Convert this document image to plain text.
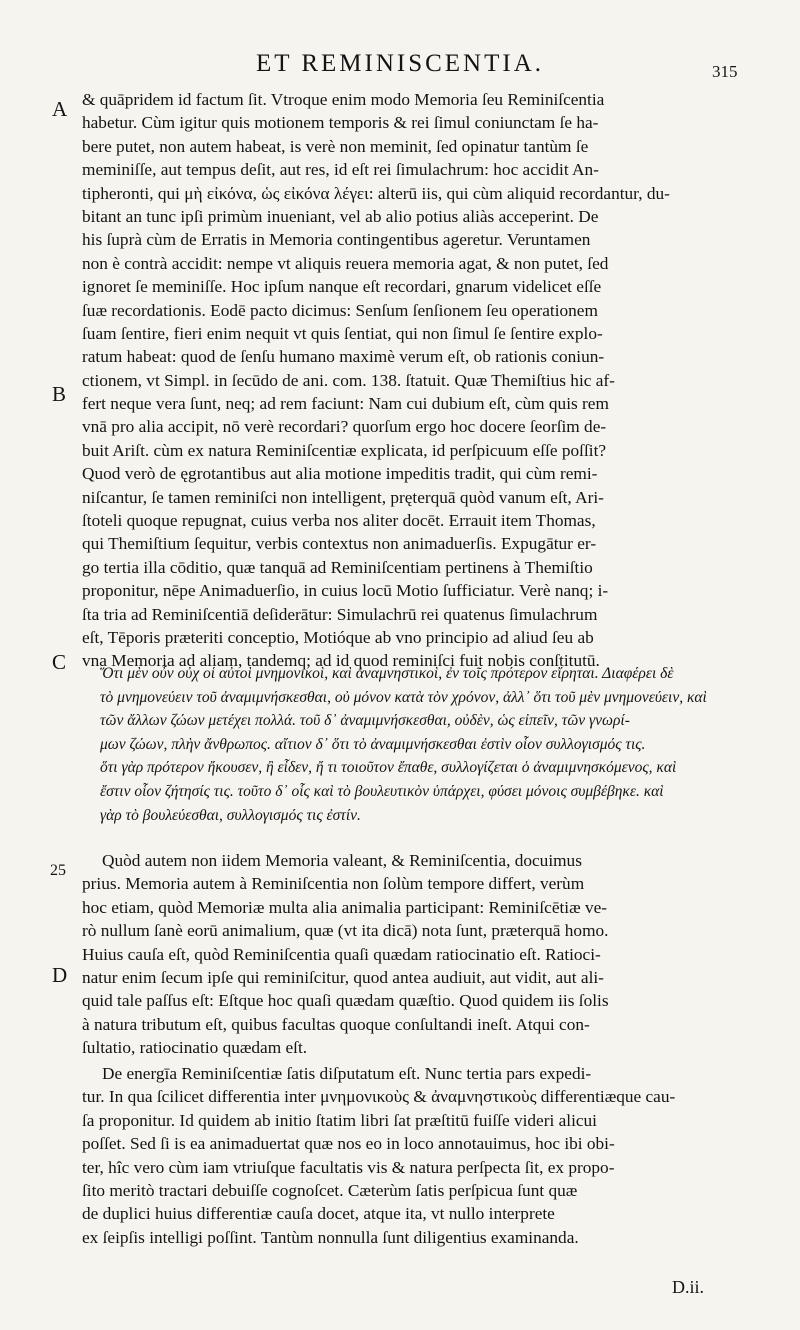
ET REMINISCENTIA.	315
A
B
C
D
25
& quāpridem id factum ſit. Vtroque enim modo Memoria ſeu Reminiſcentia
habetur. Cùm igitur quis motionem temporis & rei ſimul coniunctam ſe ha-
bere putet, non autem habeat, is verè non meminit, ſed opinatur tantùm ſe
meminiſſe, aut tempus deſit, aut res, id eſt rei ſimulachrum: hoc accidit An-
tipheronti, qui μὴ εἰκόνα, ὡς εἰκόνα λέγει: alterū iis, qui cùm aliquid recordantur, du-
bitant an tunc ipſi primùm inueniant, vel ab alio potius aliàs acceperint. De
his ſuprà cùm de Erratis in Memoria contingentibus ageretur. Veruntamen
non è contrà accidit: nempe vt aliquis reuera memoria agat, & non putet, ſed
ignoret ſe meminiſſe. Hoc ipſum nanque eſt recordari, gnarum videlicet eſſe
ſuæ recordationis. Eodē pacto dicimus: Senſum ſenſionem ſeu operationem
ſuam ſentire, fieri enim nequit vt quis ſentiat, qui non ſimul ſe ſentire explo-
ratum habeat: quod de ſenſu humano maximè verum eſt, ob rationis coniun-
ctionem, vt Simpl. in ſecūdo de ani. com. 138. ſtatuit. Quæ Themiſtius hic af-
fert neque vera ſunt, neq; ad rem faciunt: Nam cui dubium eſt, cùm quis rem
vnā pro alia accipit, nō verè recordari? quorſum ergo hoc docere ſeorſim de-
buit Ariſt. cùm ex natura Reminiſcentiæ explicata, id perſpicuum eſſe poſſit?
Quod verò de ęgrotantibus aut alia motione impeditis tradit, qui cùm remi-
niſcantur, ſe tamen reminiſci non intelligent, pręterquā quòd vanum eſt, Ari-
ſtoteli quoque repugnat, cuius verba nos aliter docēt. Errauit item Thomas,
qui Themiſtium ſequitur, verbis contextus non animaduerſis. Expugātur er-
go tertia illa cōditio, quæ tanquā ad Reminiſcentiam pertinens à Themiſtio
proponitur, nēpe Animaduerſio, in cuius locū Motio ſufficiatur. Verè nanq; i-
ſta tria ad Reminiſcentiā deſiderātur: Simulachrū rei quatenus ſimulachrum
eſt, Tēporis præteriti conceptio, Motióque ab vno principio ad aliud ſeu ab
vna Memoria ad aliam, tandemq; ad id quod reminiſci fuit nobis conſtitutū.
Ὅτι μὲν οὖν οὐχ οἱ αὐτοὶ μνημονικοὶ, καὶ ἀναμνηστικοὶ, ἐν τοῖς πρότερον εἴρηται. Διαφέρει δὲ
τὸ μνημονεύειν τοῦ ἀναμιμνήσκεσθαι, οὐ μόνον κατὰ τὸν χρόνον, ἀλλ᾽ ὅτι τοῦ μὲν μνημονεύειν, καὶ
τῶν ἄλλων ζώων μετέχει πολλά. τοῦ δ᾽ ἀναμιμνήσκεσθαι, οὐδὲν, ὡς εἰπεῖν, τῶν γνωρί-
μων ζώων, πλὴν ἄνθρωπος. αἴτιον δ᾽ ὅτι τὸ ἀναμιμνήσκεσθαι ἐστὶν οἷον συλλογισμός τις.
ὅτι γὰρ πρότερον ἤκουσεν, ἢ εἶδεν, ἤ τι τοιοῦτον ἔπαθε, συλλογίζεται ὁ ἀναμιμνησκόμενος, καὶ
ἔστιν οἷον ζήτησίς τις. τοῦτο δ᾽ οἷς καὶ τὸ βουλευτικὸν ὑπάρχει, φύσει μόνοις συμβέβηκε. καὶ
γὰρ τὸ βουλεύεσθαι, συλλογισμός τις ἐστίν.
Quòd autem non iidem Memoria valeant, & Reminiſcentia, docuimus
prius. Memoria autem à Reminiſcentia non ſolùm tempore differt, verùm
hoc etiam, quòd Memoriæ multa alia animalia participant: Reminiſcētiæ ve-
rò nullum ſanè eorū animalium, quæ (vt ita dicā) nota ſunt, præterquā homo.
Huius cauſa eſt, quòd Reminiſcentia quaſi quædam ratiocinatio eſt. Ratioci-
natur enim ſecum ipſe qui reminiſcitur, quod antea audiuit, aut vidit, aut ali-
quid tale paſſus eſt: Eſtque hoc quaſi quædam quæſtio. Quod quidem iis ſolis
à natura tributum eſt, quibus facultas quoque conſultandi ineſt. Atqui con-
ſultatio, ratiocinatio quædam eſt.
De energīa Reminiſcentiæ ſatis diſputatum eſt. Nunc tertia pars expedi-
tur. In qua ſcilicet differentia inter μνημονικοὺς & ἀναμνηστικοὺς differentiæque cau-
ſa proponitur. Id quidem ab initio ſtatim libri ſat præſtitū fuiſſe videri alicui
poſſet. Sed ſi is ea animaduertat quæ nos eo in loco annotauimus, hoc ibi obi-
ter, hîc vero cùm iam vtriuſque facultatis vis & natura perſpecta ſit, ex propo-
ſito meritò tractari debuiſſe cognoſcet. Cæterùm ſatis perſpicua ſunt quæ
de duplici huius differentiæ cauſa docet, atque ita, vt nullo interprete
ex ſeipſis intelligi poſſint. Tantùm nonnulla ſunt diligentius examinanda.
D.ii.
